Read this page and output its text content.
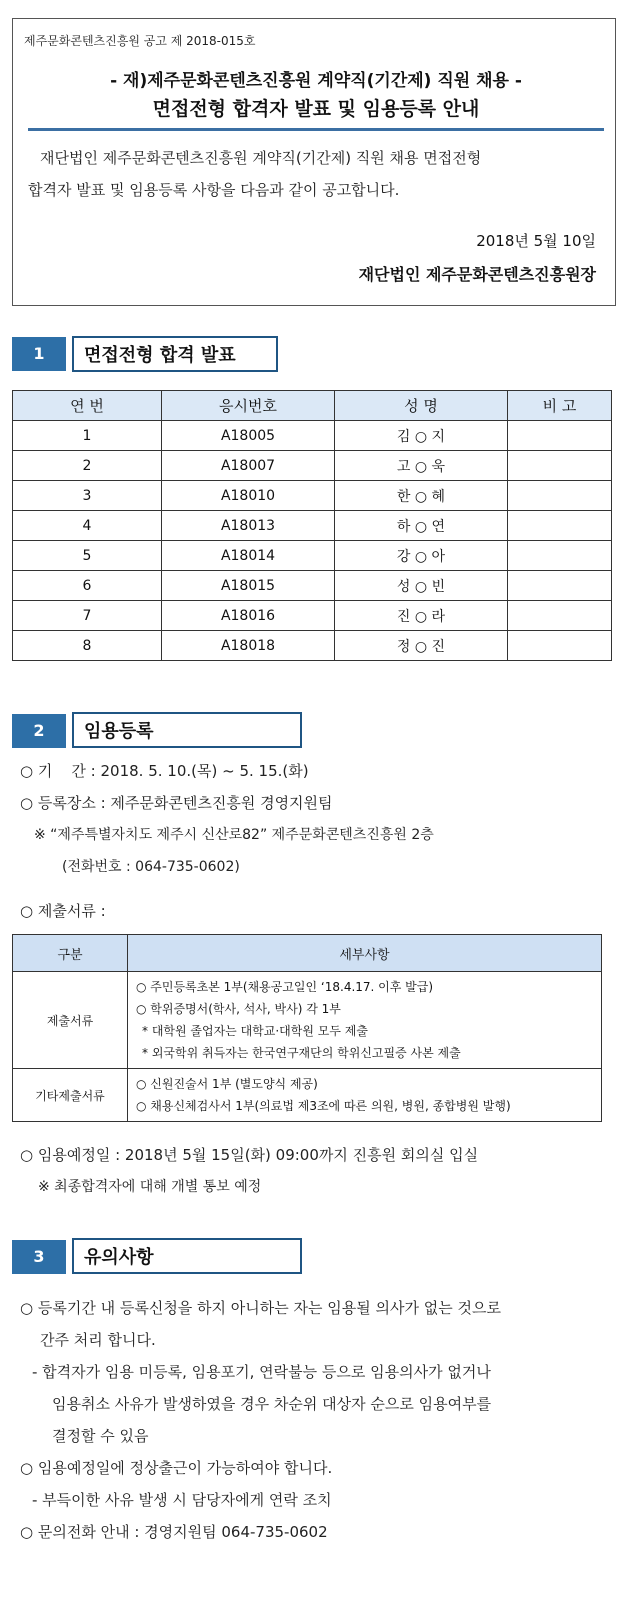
제주문화콘텐츠진흥원 공고 제 2018-015호
- 재)제주문화콘텐츠진흥원 계약직(기간제) 직원 채용 -
면접전형 합격자 발표 및 임용등록 안내
재단법인 제주문화콘텐츠진흥원 계약직(기간제) 직원 채용 면접전형
합격자 발표 및 임용등록 사항을 다음과 같이 공고합니다.
2018년 5월 10일
재단법인 제주문화콘텐츠진흥원장
1	면접전형 합격 발표
연 번	응시번호	성 명	비 고
1	A18005	김 ○ 지	
2	A18007	고 ○ 욱	
3	A18010	한 ○ 혜	
4	A18013	하 ○ 연	
5	A18014	강 ○ 아	
6	A18015	성 ○ 빈	
7	A18016	진 ○ 라	
8	A18018	정 ○ 진	
2	임용등록
○ 기    간 : 2018. 5. 10.(목) ~ 5. 15.(화)
○ 등록장소 : 제주문화콘텐츠진흥원 경영지원팀
※ “제주특별자치도 제주시 신산로82” 제주문화콘텐츠진흥원 2층
(전화번호 : 064-735-0602)
○ 제출서류 :
구분	세부사항
제출서류	○ 주민등록초본 1부(채용공고일인 ‘18.4.17. 이후 발급)
○ 학위증명서(학사, 석사, 박사) 각 1부
* 대학원 졸업자는 대학교·대학원 모두 제출
* 외국학위 취득자는 한국연구재단의 학위신고필증 사본 제출

기타제출서류	○ 신원진술서 1부 (별도양식 제공)
○ 채용신체검사서 1부(의료법 제3조에 따른 의원, 병원, 종합병원 발행)
○ 임용예정일 : 2018년 5월 15일(화) 09:00까지 진흥원 회의실 입실
※ 최종합격자에 대해 개별 통보 예정
3	유의사항
○ 등록기간 내 등록신청을 하지 아니하는 자는 임용될 의사가 없는 것으로
간주 처리 합니다.
- 합격자가 임용 미등록, 임용포기, 연락불능 등으로 임용의사가 없거나
임용취소 사유가 발생하였을 경우 차순위 대상자 순으로 임용여부를
결정할 수 있음
○ 임용예정일에 정상출근이 가능하여야 합니다.
- 부득이한 사유 발생 시 담당자에게 연락 조치
○ 문의전화 안내 : 경영지원팀 064-735-0602
